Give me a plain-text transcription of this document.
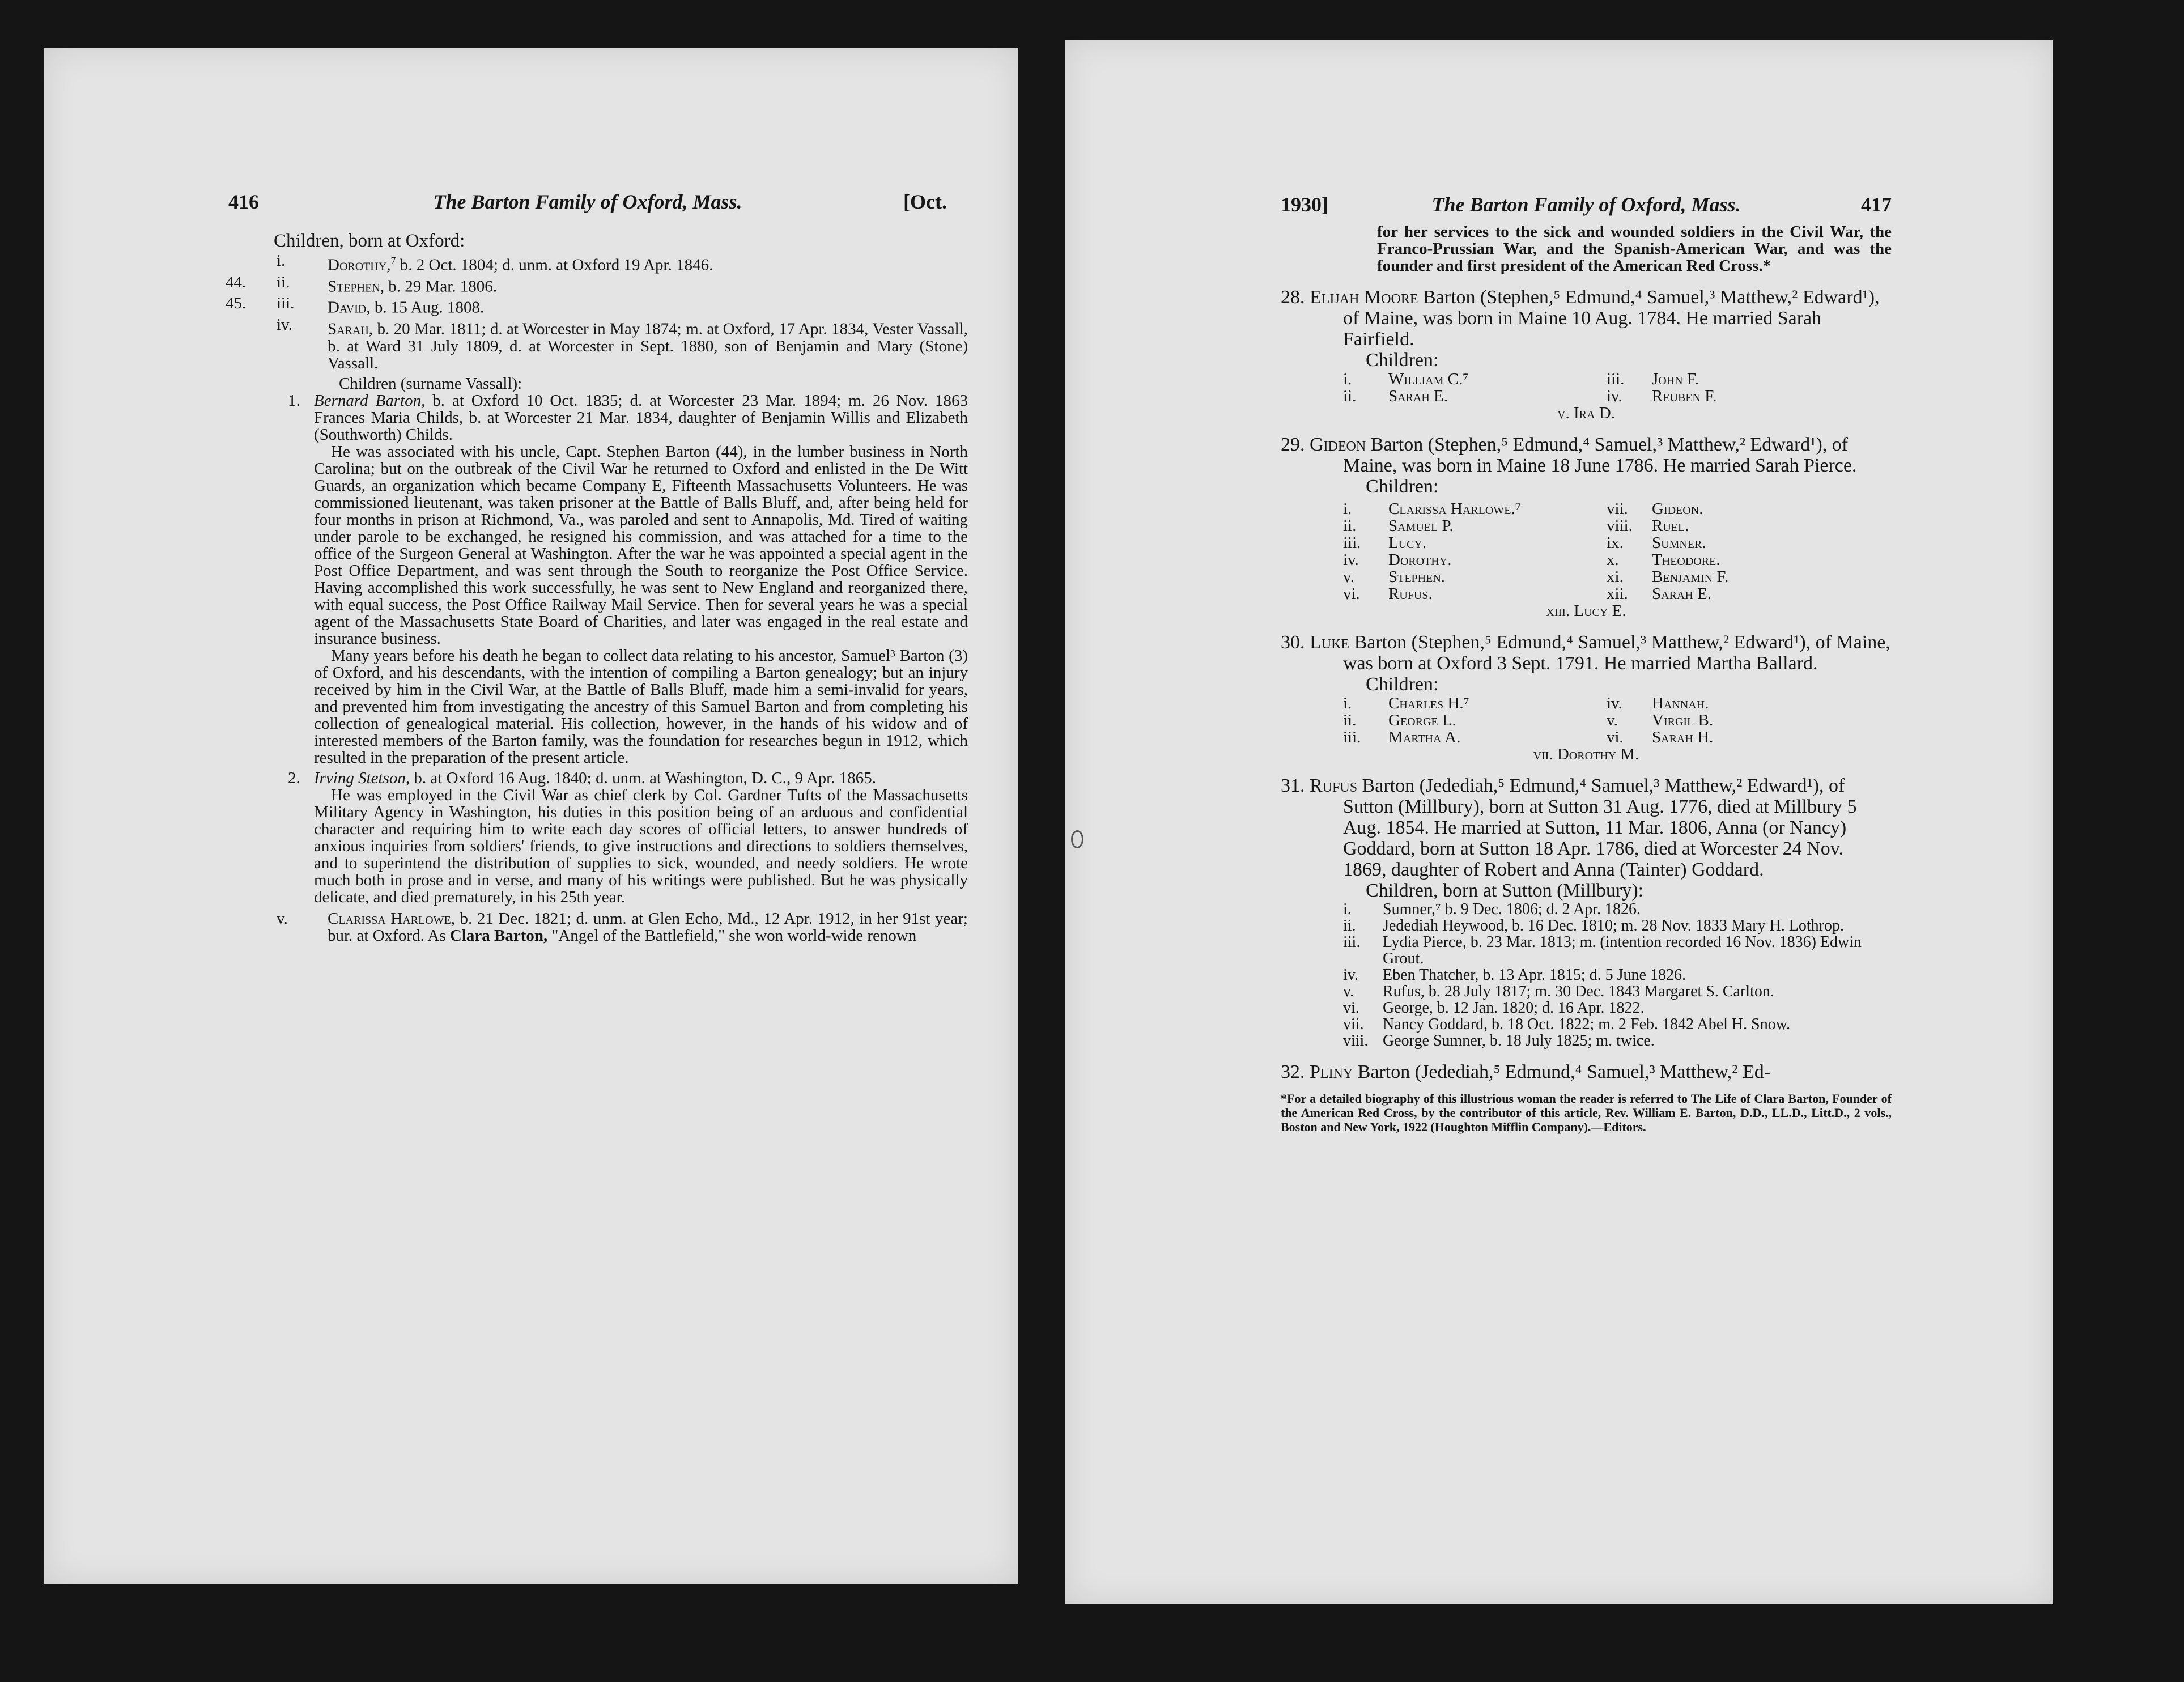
416	The Barton Family of Oxford, Mass.	[Oct.
Children, born at Oxford:
i.	Dorothy,$^7$ b. 2 Oct. 1804; d. unm. at Oxford 19 Apr. 1846.
44.	ii.	Stephen, b. 29 Mar. 1806.
45.	iii.	David, b. 15 Aug. 1808.
iv.	Sarah, b. 20 Mar. 1811; d. at Worcester in May 1874; m. at Oxford, 17 Apr. 1834, Vester Vassall, b. at Ward 31 July 1809, d. at Worcester in Sept. 1880, son of Benjamin and Mary (Stone) Vassall.
Children (surname Vassall):
1. Bernard Barton, b. at Oxford 10 Oct. 1835; d. at Worcester 23 Mar. 1894; m. 26 Nov. 1863 Frances Maria Childs, b. at Worcester 21 Mar. 1834, daughter of Benjamin Willis and Elizabeth (Southworth) Childs.
He was associated with his uncle, Capt. Stephen Barton (44), in the lumber business in North Carolina; but on the outbreak of the Civil War he returned to Oxford and enlisted in the De Witt Guards, an organization which became Company E, Fifteenth Massachusetts Volunteers. He was commissioned lieutenant, was taken prisoner at the Battle of Balls Bluff, and, after being held for four months in prison at Richmond, Va., was paroled and sent to Annapolis, Md. Tired of waiting under parole to be exchanged, he resigned his commission, and was attached for a time to the office of the Surgeon General at Washington. After the war he was appointed a special agent in the Post Office Department, and was sent through the South to reorganize the Post Office Service. Having accomplished this work successfully, he was sent to New England and reorganized there, with equal success, the Post Office Railway Mail Service. Then for several years he was a special agent of the Massachusetts State Board of Charities, and later was engaged in the real estate and insurance business.
Many years before his death he began to collect data relating to his ancestor, Samuel³ Barton (3) of Oxford, and his descendants, with the intention of compiling a Barton genealogy; but an injury received by him in the Civil War, at the Battle of Balls Bluff, made him a semi-invalid for years, and prevented him from investigating the ancestry of this Samuel Barton and from completing his collection of genealogical material. His collection, however, in the hands of his widow and of interested members of the Barton family, was the foundation for researches begun in 1912, which resulted in the preparation of the present article.
2. Irving Stetson, b. at Oxford 16 Aug. 1840; d. unm. at Washington, D. C., 9 Apr. 1865.
He was employed in the Civil War as chief clerk by Col. Gardner Tufts of the Massachusetts Military Agency in Washington, his duties in this position being of an arduous and confidential character and requiring him to write each day scores of official letters, to answer hundreds of anxious inquiries from soldiers' friends, to give instructions and directions to soldiers themselves, and to superintend the distribution of supplies to sick, wounded, and needy soldiers. He wrote much both in prose and in verse, and many of his writings were published. But he was physically delicate, and died prematurely, in his 25th year.
v.	Clarissa Harlowe, b. 21 Dec. 1821; d. unm. at Glen Echo, Md., 12 Apr. 1912, in her 91st year; bur. at Oxford. As Clara Barton, "Angel of the Battlefield," she won world-wide renown
1930]	The Barton Family of Oxford, Mass.	417
for her services to the sick and wounded soldiers in the Civil War, the Franco-Prussian War, and the Spanish-American War, and was the founder and first president of the American Red Cross.*
28. Elijah Moore Barton (Stephen,⁵ Edmund,⁴ Samuel,³ Matthew,² Edward¹), of Maine, was born in Maine 10 Aug. 1784. He married Sarah Fairfield.
Children:
i.	William C.⁷	iii.	John F.
ii.	Sarah E.	iv.	Reuben F.
v. Ira D.
29. Gideon Barton (Stephen,⁵ Edmund,⁴ Samuel,³ Matthew,² Edward¹), of Maine, was born in Maine 18 June 1786. He married Sarah Pierce.
Children:
i.	Clarissa Harlowe.⁷	vii.	Gideon.
ii.	Samuel P.	viii.	Ruel.
iii.	Lucy.	ix.	Sumner.
iv.	Dorothy.	x.	Theodore.
v.	Stephen.	xi.	Benjamin F.
vi.	Rufus.	xii.	Sarah E.
xiii. Lucy E.
30. Luke Barton (Stephen,⁵ Edmund,⁴ Samuel,³ Matthew,² Edward¹), of Maine, was born at Oxford 3 Sept. 1791. He married Martha Ballard.
Children:
i.	Charles H.⁷	iv.	Hannah.
ii.	George L.	v.	Virgil B.
iii.	Martha A.	vi.	Sarah H.
vii. Dorothy M.
31. Rufus Barton (Jedediah,⁵ Edmund,⁴ Samuel,³ Matthew,² Edward¹), of Sutton (Millbury), born at Sutton 31 Aug. 1776, died at Millbury 5 Aug. 1854. He married at Sutton, 11 Mar. 1806, Anna (or Nancy) Goddard, born at Sutton 18 Apr. 1786, died at Worcester 24 Nov. 1869, daughter of Robert and Anna (Tainter) Goddard.
Children, born at Sutton (Millbury):
i.	Sumner,⁷ b. 9 Dec. 1806; d. 2 Apr. 1826.
ii.	Jedediah Heywood, b. 16 Dec. 1810; m. 28 Nov. 1833 Mary H. Lothrop.
iii.	Lydia Pierce, b. 23 Mar. 1813; m. (intention recorded 16 Nov. 1836) Edwin Grout.
iv.	Eben Thatcher, b. 13 Apr. 1815; d. 5 June 1826.
v.	Rufus, b. 28 July 1817; m. 30 Dec. 1843 Margaret S. Carlton.
vi.	George, b. 12 Jan. 1820; d. 16 Apr. 1822.
vii.	Nancy Goddard, b. 18 Oct. 1822; m. 2 Feb. 1842 Abel H. Snow.
viii. George Sumner, b. 18 July 1825; m. twice.
32. Pliny Barton (Jedediah,⁵ Edmund,⁴ Samuel,³ Matthew,² Ed-
*For a detailed biography of this illustrious woman the reader is referred to The Life of Clara Barton, Founder of the American Red Cross, by the contributor of this article, Rev. William E. Barton, D.D., LL.D., Litt.D., 2 vols., Boston and New York, 1922 (Houghton Mifflin Company).—Editors.
